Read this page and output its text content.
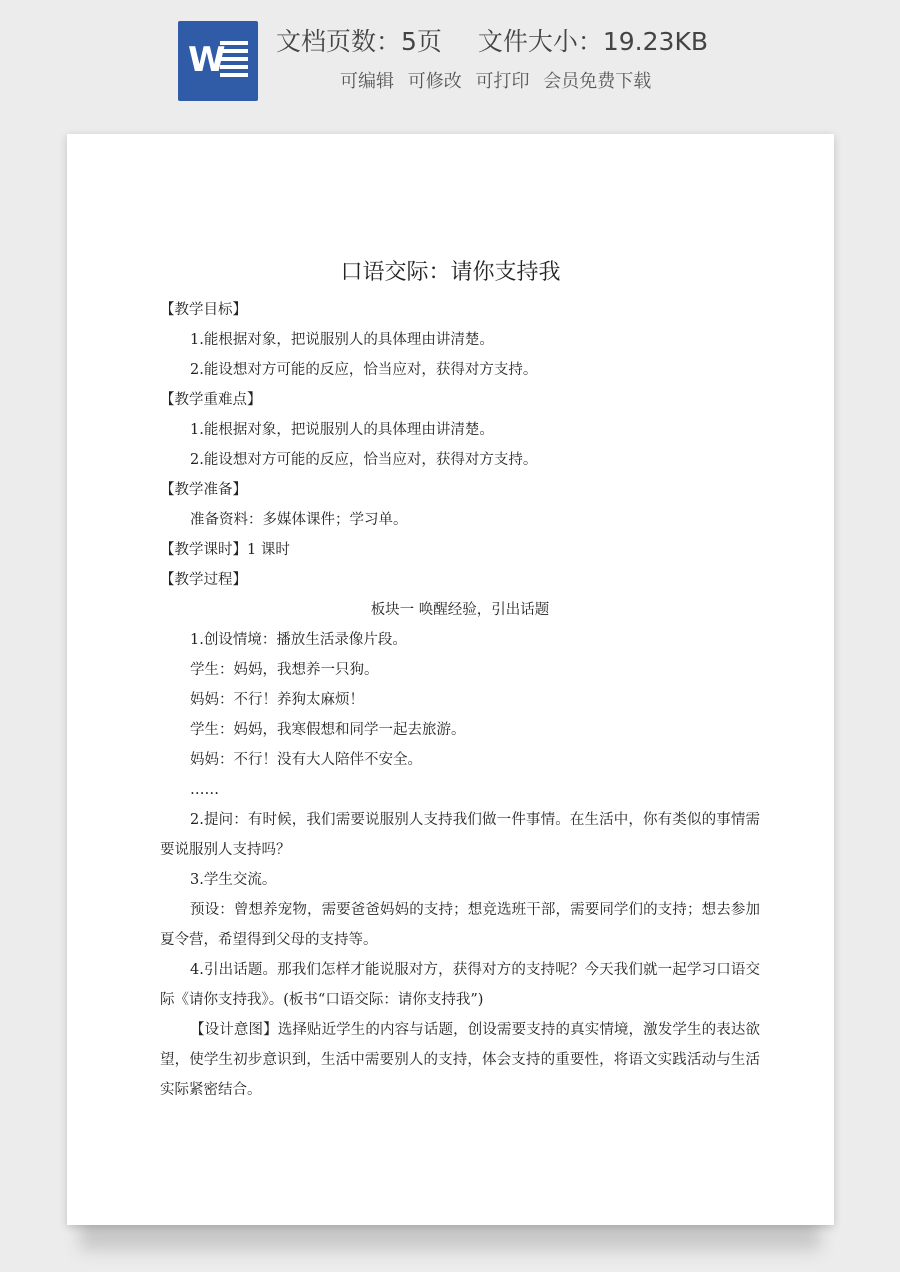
W 文档页数：5页 文件大小：19.23KB
可编辑 可修改 可打印 会员免费下载
口语交际：请你支持我
【教学目标】
1.能根据对象，把说服别人的具体理由讲清楚。
2.能设想对方可能的反应，恰当应对，获得对方支持。
【教学重难点】
1.能根据对象，把说服别人的具体理由讲清楚。
2.能设想对方可能的反应，恰当应对，获得对方支持。
【教学准备】
准备资料：多媒体课件；学习单。
【教学课时】1 课时
【教学过程】
板块一 唤醒经验，引出话题
1.创设情境：播放生活录像片段。
学生：妈妈，我想养一只狗。
妈妈：不行！养狗太麻烦！
学生：妈妈，我寒假想和同学一起去旅游。
妈妈：不行！没有大人陪伴不安全。
……
2.提问：有时候，我们需要说服别人支持我们做一件事情。在生活中，你有类似的事情需要说服别人支持吗？
3.学生交流。
预设：曾想养宠物，需要爸爸妈妈的支持；想竞选班干部，需要同学们的支持；想去参加夏令营，希望得到父母的支持等。
4.引出话题。那我们怎样才能说服对方，获得对方的支持呢？今天我们就一起学习口语交际《请你支持我》。(板书“口语交际：请你支持我”)
【设计意图】选择贴近学生的内容与话题，创设需要支持的真实情境，激发学生的表达欲望，使学生初步意识到，生活中需要别人的支持，体会支持的重要性，将语文实践活动与生活实际紧密结合。
